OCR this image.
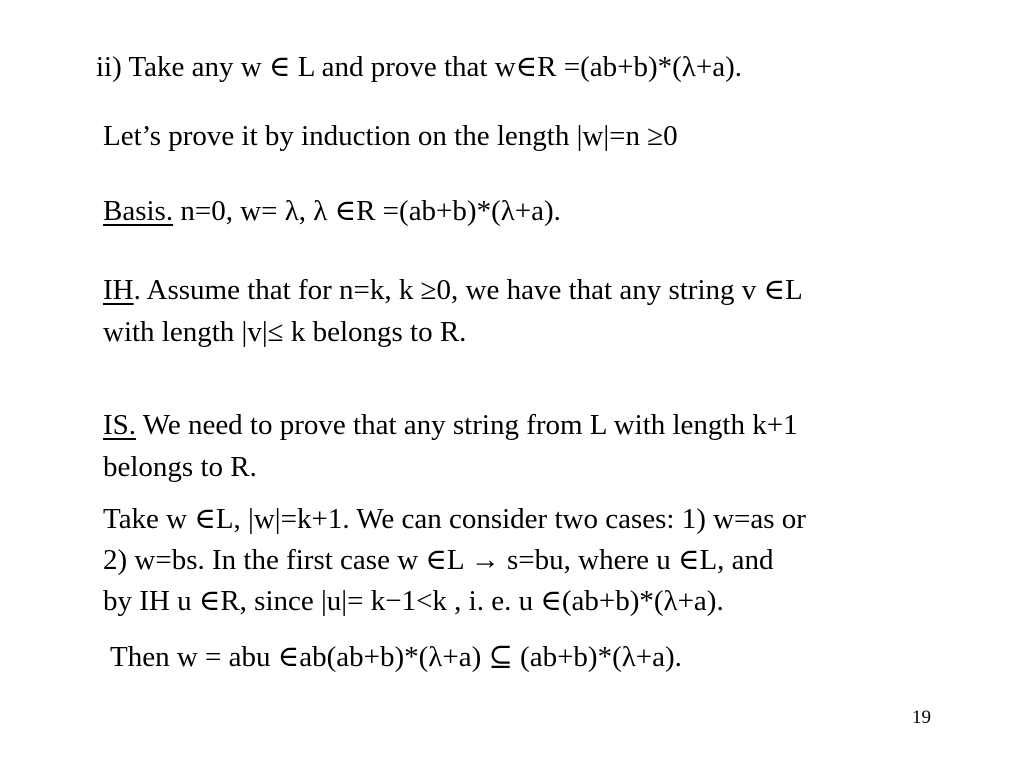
ii) Take any w ∈ L and prove that w∈R =(ab+b)*(λ+a).
Let’s prove it by induction on the length |w|=n ≥0
Basis. n=0, w= λ, λ ∈R =(ab+b)*(λ+a).
IH. Assume that for n=k, k ≥0, we have that any string v ∈L
with length |v|≤ k belongs to R.
IS. We need to prove that any string from L with length k+1
belongs to R.
Take w ∈L, |w|=k+1. We can consider two cases: 1) w=as or
2) w=bs. In the first case w ∈L → s=bu, where u ∈L, and
by IH u ∈R, since |u|= k−1<k , i. e. u ∈(ab+b)*(λ+a).
Then w = abu ∈ab(ab+b)*(λ+a) ⊆ (ab+b)*(λ+a).
19
